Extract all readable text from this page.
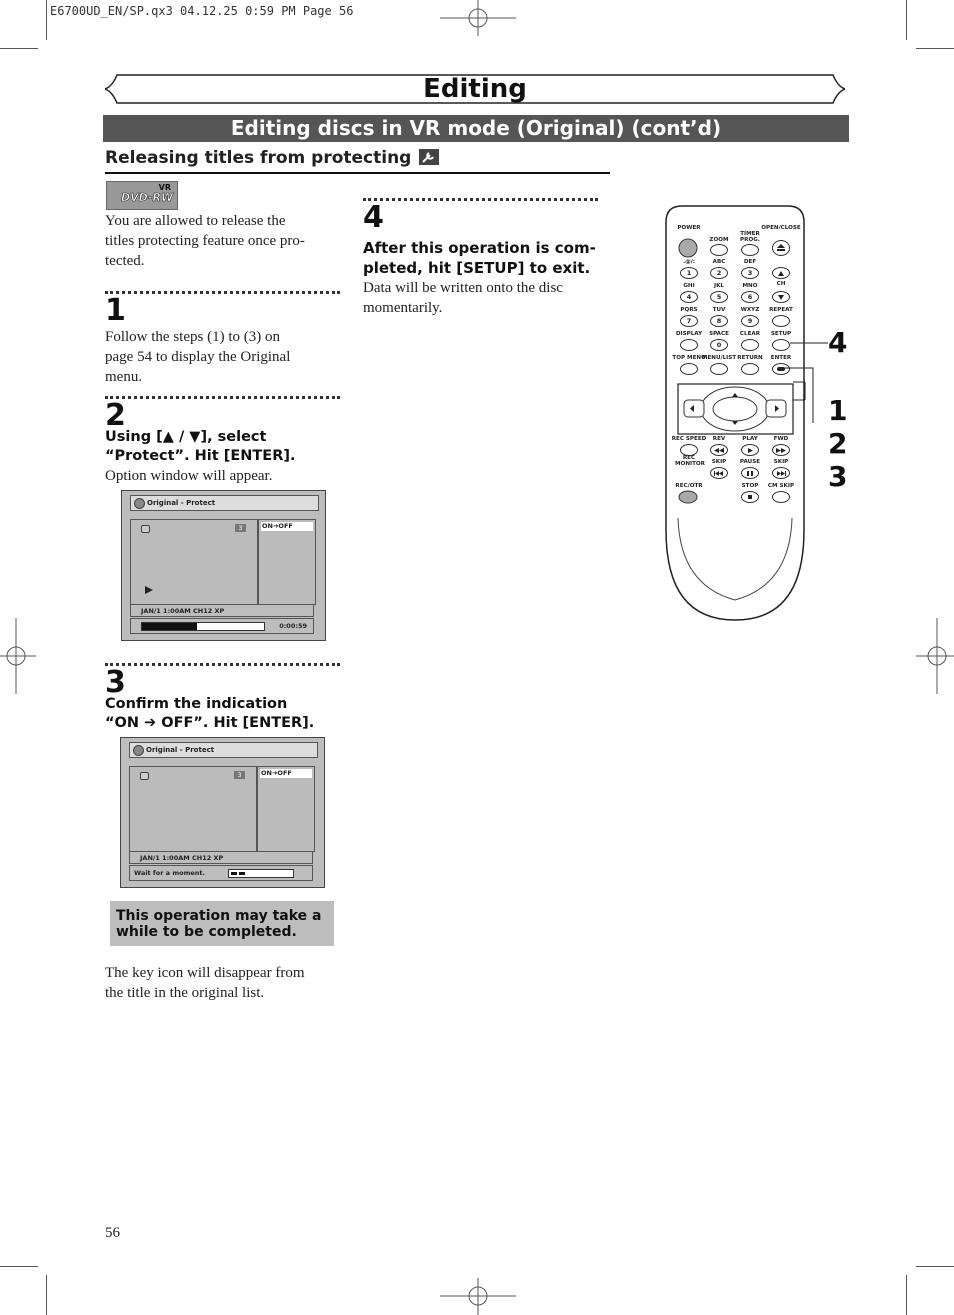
E6700UD_EN/SP.qx3 04.12.25 0:59 PM Page 56
Editing
Editing discs in VR mode (Original) (cont’d)
Releasing titles from protecting
VR
DVD-RW
You are allowed to release the
titles protecting feature once pro-
tected.
1
Follow the steps (1) to (3) on
page 54 to display the Original
menu.
2
Using [▲ / ▼], select
“Protect”. Hit [ENTER].
Option window will appear.
Original - Protect
3	ON➔OFF
JAN/1 1:00AM CH12 XP
0:00:59
3
Confirm the indication
“ON ➔ OFF”. Hit [ENTER].
Original - Protect
3	ON➔OFF
JAN/1 1:00AM CH12 XP
Wait for a moment.
This operation may take a
while to be completed.
The key icon will disappear from
the title in the original list.
4
After this operation is com-
pleted, hit [SETUP] to exit.
Data will be written onto the disc
momentarily.
POWER	OPEN/CLOSE
ZOOM
TIMER PROG.
.@/:	ABC	DEF
1	2	3
CH
GHI	JKL	MNO
4	5	6
PQRS	TUV	WXYZ REPEAT
7	8	9
DISPLAY SPACE CLEAR SETUP
0
TOP MENU
MENU/LIST RETURN ENTER
REC SPEED REV	PLAY	FWD
REC MONITOR SKIP PAUSE SKIP
REC/OTR	STOP CM SKIP
4
1
2
3
56
